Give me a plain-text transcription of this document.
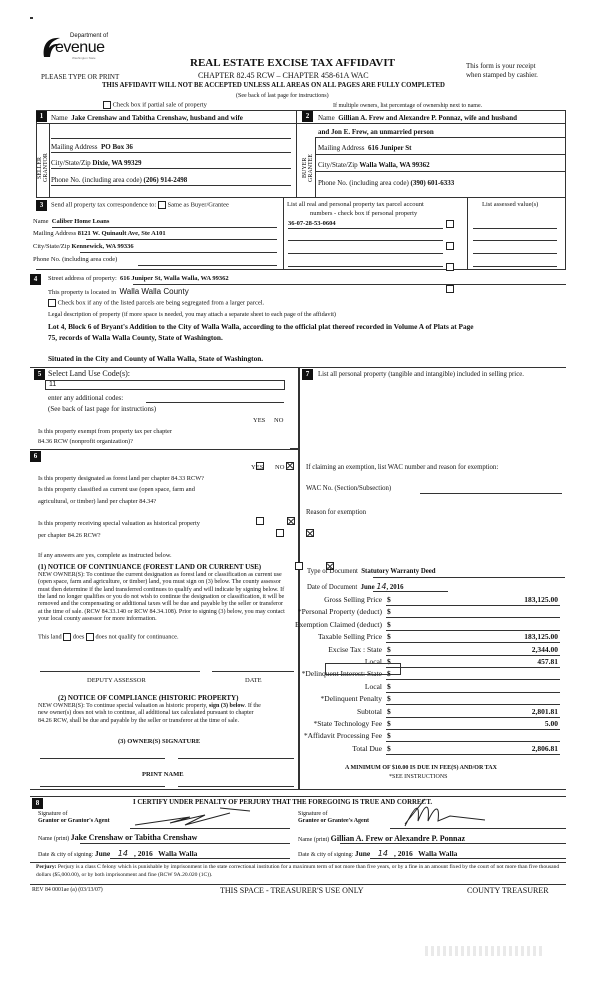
Department of
evenue
Washington State
PLEASE TYPE OR PRINT
REAL ESTATE EXCISE TAX AFFIDAVIT
CHAPTER 82.45 RCW – CHAPTER 458-61A WAC
This form is your receipt
when stamped by cashier.
THIS AFFIDAVIT WILL NOT BE ACCEPTED UNLESS ALL AREAS ON ALL PAGES ARE FULLY COMPLETED
(See back of last page for instructions)
Check box if partial sale of property	If multiple owners, list percentage of ownership next to name.
1	Name Jake Crenshaw and Tabitha Crenshaw, husband and wife
SELLER
GRANTOR
Mailing Address PO Box 36
City/State/Zip Dixie, WA 99329
Phone No. (including area code) (206) 914-2498
2	Name Gillian A. Frew and Alexandre P. Ponnaz, wife and husband
and Jon E. Frew, an unmarried person
BUYER
GRANTEE
Mailing Address 616 Juniper St
City/State/Zip Walla Walla, WA 99362
Phone No. (including area code) (390) 601-6333
3	Send all property tax correspondence to: Same as Buyer/Grantee
Name Caliber Home Loans
Mailing Address 8121 W. Quinault Ave, Ste A101
City/State/Zip Kennewick, WA 99336
Phone No. (including area code)
List all real and personal property tax parcel account
numbers - check box if personal property
List assessed value(s)
36-07-28-53-0604
4	Street address of property: 616 Juniper St, Walla Walla, WA 99362
This property is located in Walla Walla County
Check box if any of the listed parcels are being segregated from a larger parcel.
Legal description of property (if more space is needed, you may attach a separate sheet to each page of the affidavit)
Lot 4, Block 6 of Bryant's Addition to the City of Walla Walla, according to the official plat thereof recorded in Volume A of Plats at Page
75, records of Walla Walla County, State of Washington.
Situated in the City and County of Walla Walla, State of Washington.
5 Select Land Use Code(s):
11
enter any additional codes:
(See back of last page for instructions)
YES NO
Is this property exempt from property tax per chapter
84.36 RCW (nonprofit organization)?

6
YES NO
Is this property designated as forest land per chapter 84.33 RCW?

Is this property classified as current use (open space, farm and
agricultural, or timber) land per chapter 84.34?

Is this property receiving special valuation as historical property
per chapter 84.26 RCW?

If any answers are yes, complete as instructed below.
(1) NOTICE OF CONTINUANCE (FOREST LAND OR CURRENT USE)
NEW OWNER(S): To continue the current designation as forest land or classification as current use (open space, farm and agriculture, or timber) land, you must sign on (3) below. The county assessor must then determine if the land transferred continues to qualify and will indicate by signing below. If the land no longer qualifies or you do not wish to continue the designation or classification, it will be removed and the compensating or additional taxes will be due and payable by the seller or transferor at the time of sale. (RCW 84.33.140 or RCW 84.34.108). Prior to signing (3) below, you may contact your local county assessor for more information.
This land does does not qualify for continuance.
DEPUTY ASSESSOR	DATE
(2) NOTICE OF COMPLIANCE (HISTORIC PROPERTY)
NEW OWNER(S): To continue special valuation as historic property, sign (3) below. If the new owner(s) does not wish to continue, all additional tax calculated pursuant to chapter 84.26 RCW, shall be due and payable by the seller or transferor at the time of sale.
(3) OWNER(S) SIGNATURE
PRINT NAME
7	List all personal property (tangible and intangible) included in selling price.
If claiming an exemption, list WAC number and reason for exemption:
WAC No. (Section/Subsection)
Reason for exemption
Type of Document Statutory Warranty Deed
Date of Document June 14, 2016
Gross Selling Price $	183,125.00
*Personal Property (deduct) $
Exemption Claimed (deduct) $
Taxable Selling Price $	183,125.00
Excise Tax : State $	2,344.00
Local $	457.81
*Delinquent Interest: State $
Local $
*Delinquent Penalty $
Subtotal $	2,801.81
*State Technology Fee $	5.00
*Affidavit Processing Fee $
Total Due $	2,806.81
A MINIMUM OF $10.00 IS DUE IN FEE(S) AND/OR TAX
*SEE INSTRUCTIONS
8	I CERTIFY UNDER PENALTY OF PERJURY THAT THE FOREGOING IS TRUE AND CORRECT.
Signature of
Grantor or Grantor's Agent
Signature of
Grantee or Grantee's Agent
Name (print) Jake Crenshaw or Tabitha Crenshaw	Name (print) Gillian A. Frew or Alexandre P. Ponnaz
Date & city of signing: June 14 , 2016   Walla Walla	Date & city of signing: June 14 , 2016   Walla Walla
Perjury: Perjury is a class C felony which is punishable by imprisonment in the state correctional institution for a maximum term of not more than five years, or by a fine in an amount fixed by the court of not more than five thousand dollars ($5,000.00), or by both imprisonment and fine (RCW 9A.20.020 (1C)).
REV 84 0001ae (a) (03/13/07)	THIS SPACE - TREASURER'S USE ONLY	COUNTY TREASURER
